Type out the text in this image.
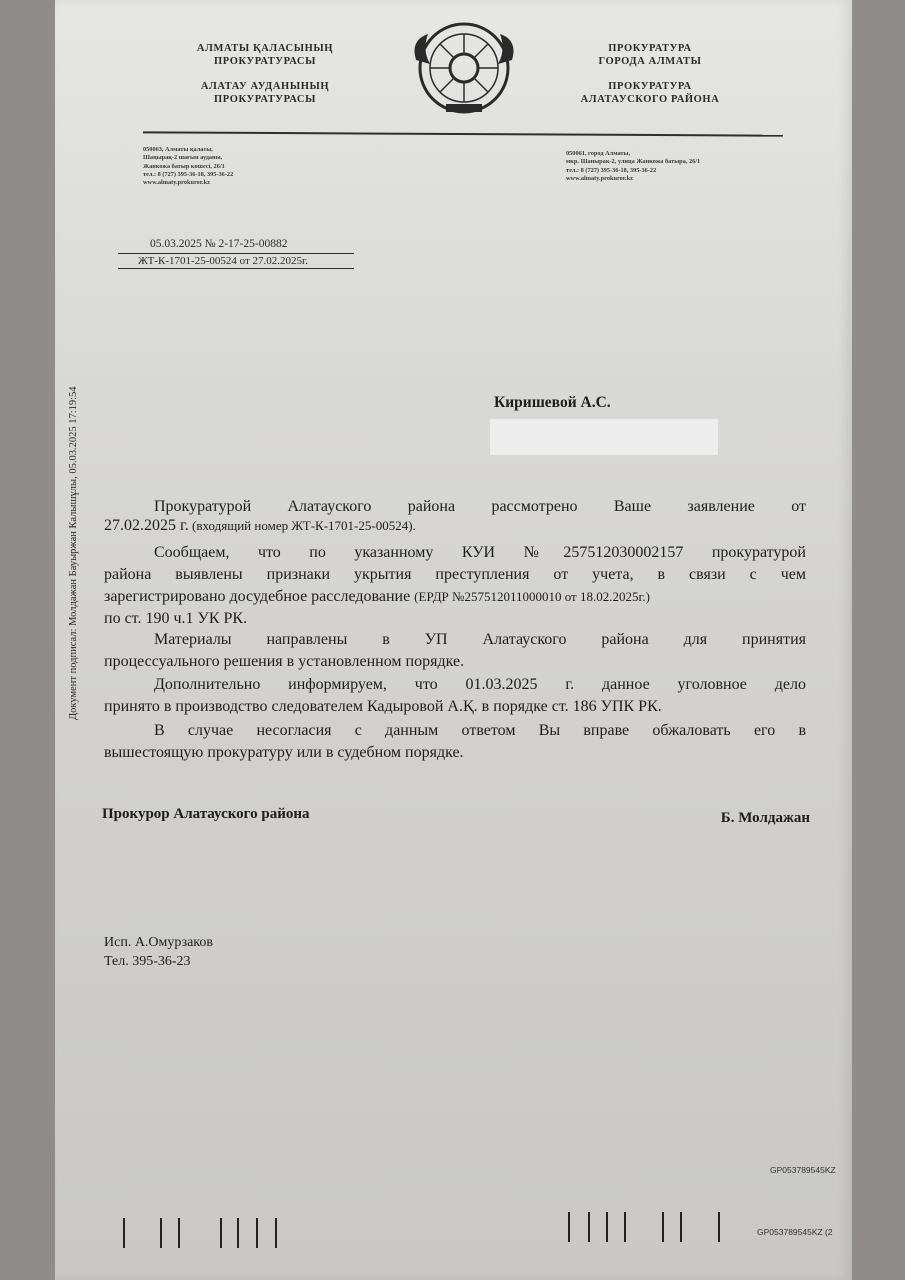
Документ подписал: Молдажан Бауыржан Калышұлы, 05.03.2025 17:19:54
АЛМАТЫ ҚАЛАСЫНЫҢ
ПРОКУРАТУРАСЫ
АЛАТАУ АУДАНЫНЫҢ
ПРОКУРАТУРАСЫ
ПРОКУРАТУРА
ГОРОДА АЛМАТЫ
ПРОКУРАТУРА
АЛАТАУСКОГО РАЙОНА
050063, Алматы қаласы,
Шаңырақ-2 шағын ауданы,
Жанкожа батыр көшесі, 26/1
тел.: 8 (727) 395-36-18, 395-36-22
www.almaty.prokuror.kz
050061, город Алматы,
мкр. Шанырак-2, улица Жанкожа батыра, 26/1
тел.: 8 (727) 395-36-18, 395-36-22
www.almaty.prokuror.kz
05.03.2025 № 2-17-25-00882
ЖТ-К-1701-25-00524 от 27.02.2025г.
Киришевой А.С.
Прокуратурой Алатауского района рассмотрено Ваше заявление от
27.02.2025 г. (входящий номер ЖТ-К-1701-25-00524).
Сообщаем, что по указанному КУИ №257512030002157 прокуратурой
района выявлены признаки укрытия преступления от учета, в связи с чем
зарегистрировано досудебное расследование (ЕРДР №257512011000010 от 18.02.2025г.)
по ст. 190 ч.1 УК РК.
Материалы направлены в УП Алатауского района для принятия
процессуального решения в установленном порядке.
Дополнительно информируем, что 01.03.2025 г. данное уголовное дело
принято в производство следователем Кадыровой А.Қ. в порядке ст. 186 УПК РК.
В случае несогласия с данным ответом Вы вправе обжаловать его в
вышестоящую прокуратуру или в судебном порядке.
Прокурор Алатауского района	Б. Молдажан
Исп. А.Омурзаков
Тел. 395-36-23
GP053789545KZ
GP053789545KZ (2
